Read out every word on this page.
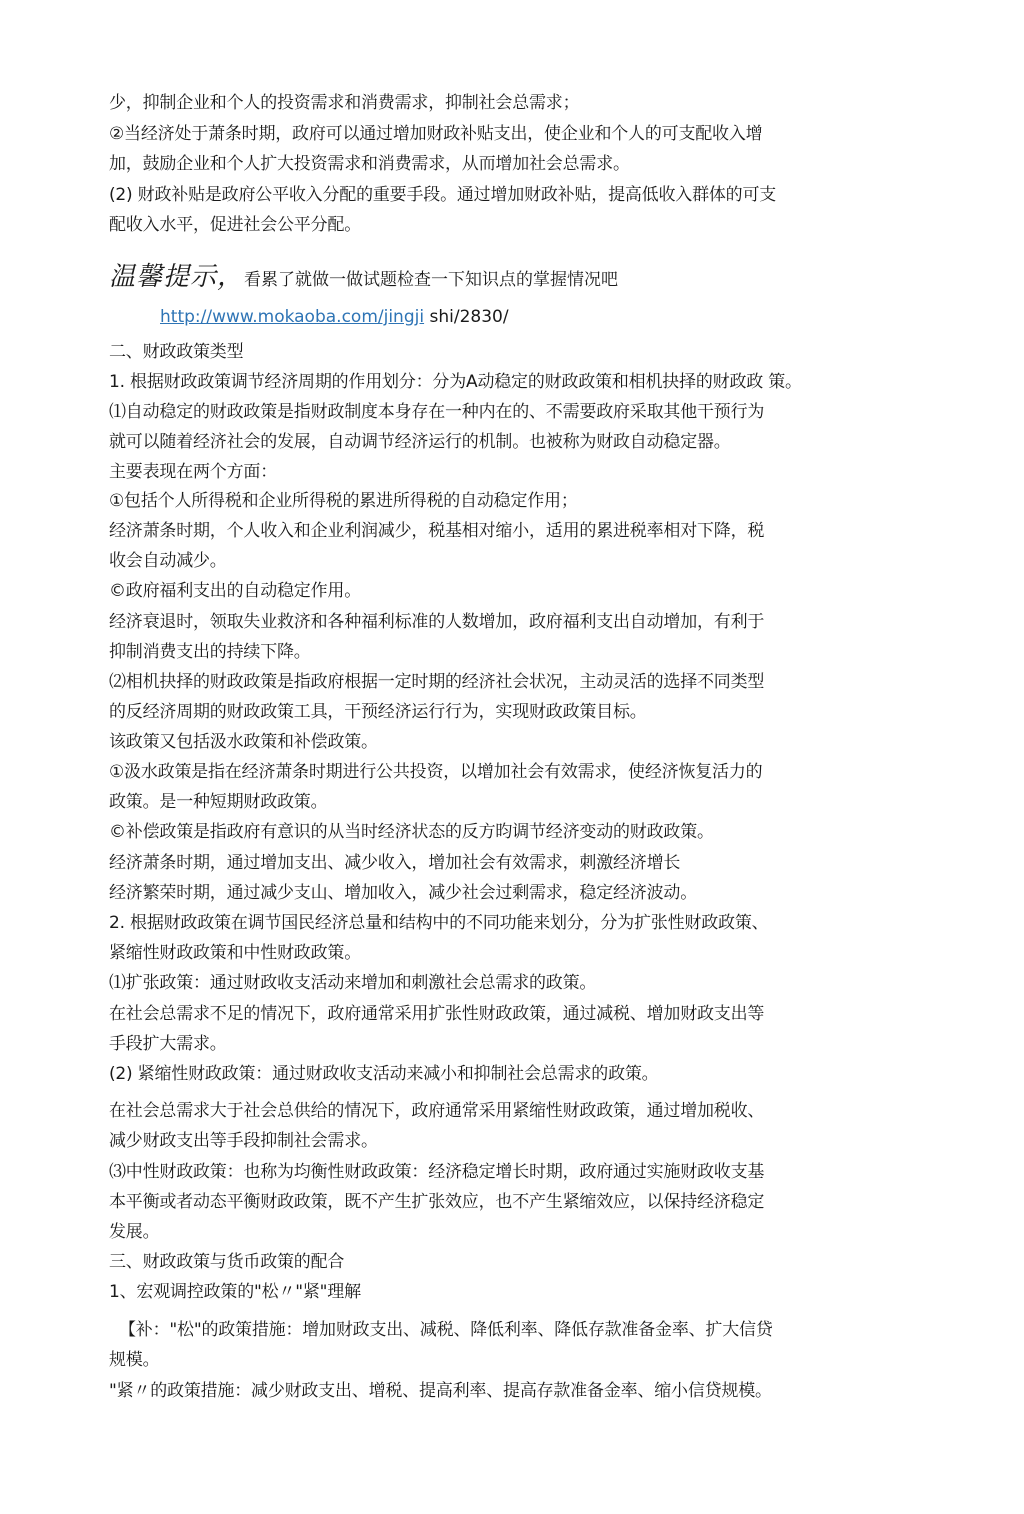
少，抑制企业和个人的投资需求和消费需求，抑制社会总需求；
②当经济处于萧条时期，政府可以通过增加财政补贴支出，使企业和个人的可支配收入增
加，鼓励企业和个人扩大投资需求和消费需求，从而增加社会总需求。
(2) 财政补贴是政府公平收入分配的重要手段。通过增加财政补贴，提高低收入群体的可支
配收入水平，促进社会公平分配。
温馨提示，看累了就做一做试题检查一下知识点的掌握情况吧
http://www.mokaoba.com/jingji shi/2830/
二、财政政策类型
1. 根据财政政策调节经济周期的作用划分：分为A动稳定的财政政策和相机抉择的财政政 策。
⑴自动稳定的财政政策是指财政制度本身存在一种内在的、不需要政府采取其他干预行为
就可以随着经济社会的发展，自动调节经济运行的机制。也被称为财政自动稳定器。
主要表现在两个方面：
①包括个人所得税和企业所得税的累进所得税的自动稳定作用；
经济萧条时期，个人收入和企业利润减少，税基相对缩小，适用的累进税率相对下降，税
收会自动减少。
©政府福利支出的自动稳定作用。
经济衰退时，领取失业救济和各种福利标准的人数增加，政府福利支出自动增加，有利于
抑制消费支出的持续下降。
⑵相机抉择的财政政策是指政府根据一定时期的经济社会状况，主动灵活的选择不同类型
的反经济周期的财政政策工具，干预经济运行行为，实现财政政策目标。
该政策又包括汲水政策和补偿政策。
①汲水政策是指在经济萧条时期进行公共投资，以增加社会有效需求，使经济恢复活力的
政策。是一种短期财政政策。
©补偿政策是指政府有意识的从当时经济状态的反方昀调节经济变动的财政政策。
经济萧条时期，通过增加支出、减少收入，增加社会有效需求，刺激经济增长
经济繁荣时期，通过减少支山、增加收入，减少社会过剩需求，稳定经济波动。
2. 根据财政政策在调节国民经济总量和结构中的不同功能来划分，分为扩张性财政政策、
紧缩性财政政策和中性财政政策。
⑴扩张政策：通过财政收支活动来增加和刺激社会总需求的政策。
在社会总需求不足的情况下，政府通常采用扩张性财政政策，通过减税、增加财政支出等
手段扩大需求。
(2) 紧缩性财政政策：通过财政收支活动来减小和抑制社会总需求的政策。
在社会总需求大于社会总供给的情况下，政府通常采用紧缩性财政政策，通过增加税收、
减少财政支出等手段抑制社会需求。
⑶中性财政政策：也称为均衡性财政政策：经济稳定增长时期，政府通过实施财政收支基
本平衡或者动态平衡财政政策，既不产生扩张效应，也不产生紧缩效应，以保持经济稳定
发展。
三、财政政策与货币政策的配合
1、宏观调控政策的"松〃"紧"理解
【补："松"的政策措施：增加财政支出、减税、降低利率、降低存款准备金率、扩大信贷
规模。
"紧〃的政策措施：减少财政支出、增税、提高利率、提高存款准备金率、缩小信贷规模。
